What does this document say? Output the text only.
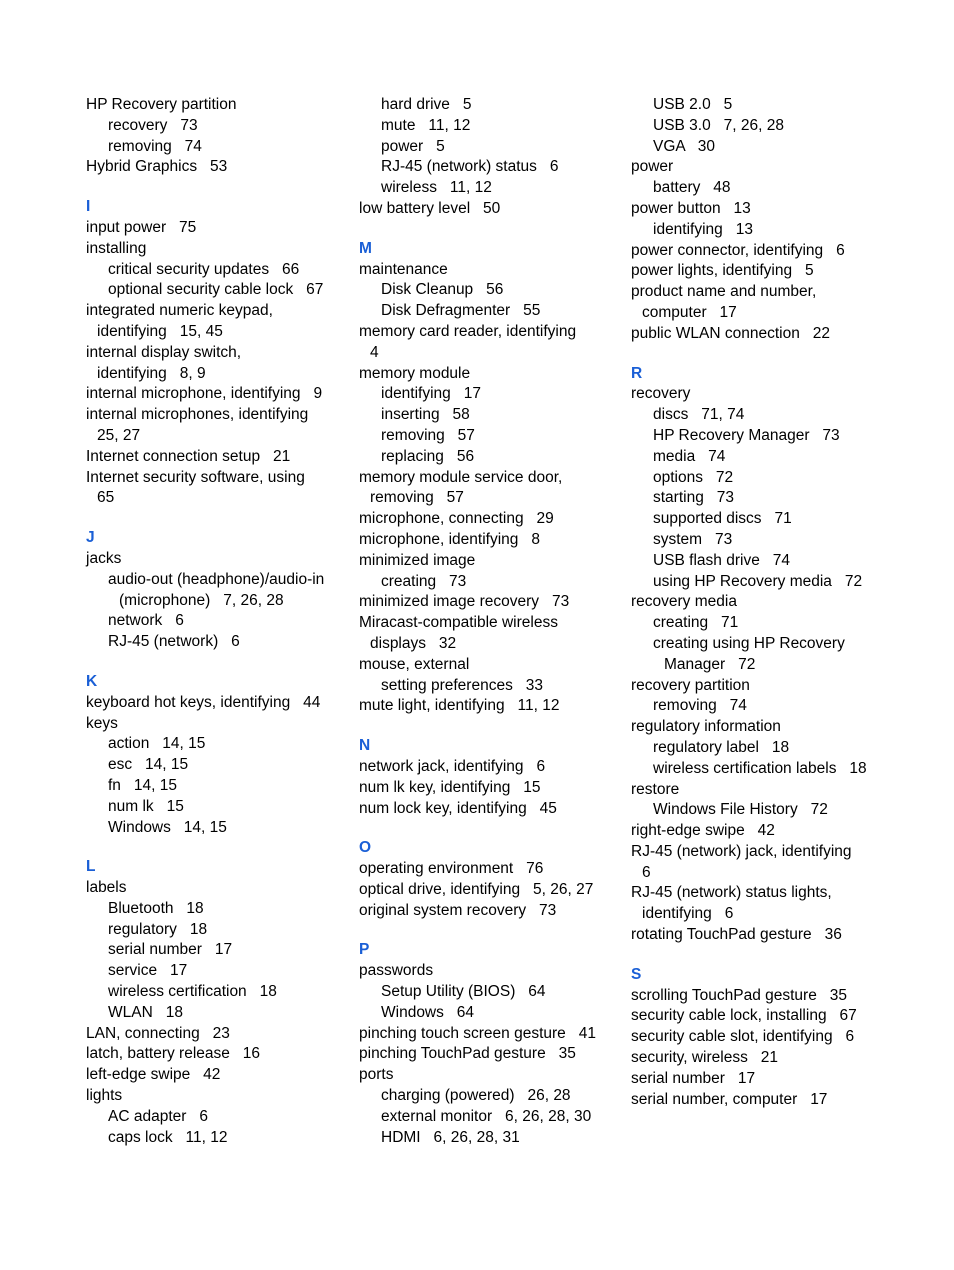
HP Recovery partition
recovery   73
removing   74
Hybrid Graphics   53
I
input power   75
installing
critical security updates   66
optional security cable lock   67
integrated numeric keypad,
identifying   15, 45
internal display switch,
identifying   8, 9
internal microphone, identifying   9
internal microphones, identifying
25, 27
Internet connection setup   21
Internet security software, using
65
J
jacks
audio-out (headphone)/audio-in
(microphone)   7, 26, 28
network   6
RJ-45 (network)   6
K
keyboard hot keys, identifying   44
keys
action   14, 15
esc   14, 15
fn   14, 15
num lk   15
Windows   14, 15
L
labels
Bluetooth   18
regulatory   18
serial number   17
service   17
wireless certification   18
WLAN   18
LAN, connecting   23
latch, battery release   16
left-edge swipe   42
lights
AC adapter   6
caps lock   11, 12
hard drive   5
mute   11, 12
power   5
RJ-45 (network) status   6
wireless   11, 12
low battery level   50
M
maintenance
Disk Cleanup   56
Disk Defragmenter   55
memory card reader, identifying
4
memory module
identifying   17
inserting   58
removing   57
replacing   56
memory module service door,
removing   57
microphone, connecting   29
microphone, identifying   8
minimized image
creating   73
minimized image recovery   73
Miracast-compatible wireless
displays   32
mouse, external
setting preferences   33
mute light, identifying   11, 12
N
network jack, identifying   6
num lk key, identifying   15
num lock key, identifying   45
O
operating environment   76
optical drive, identifying   5, 26, 27
original system recovery   73
P
passwords
Setup Utility (BIOS)   64
Windows   64
pinching touch screen gesture   41
pinching TouchPad gesture   35
ports
charging (powered)   26, 28
external monitor   6, 26, 28, 30
HDMI   6, 26, 28, 31
USB 2.0   5
USB 3.0   7, 26, 28
VGA   30
power
battery   48
power button   13
identifying   13
power connector, identifying   6
power lights, identifying   5
product name and number,
computer   17
public WLAN connection   22
R
recovery
discs   71, 74
HP Recovery Manager   73
media   74
options   72
starting   73
supported discs   71
system   73
USB flash drive   74
using HP Recovery media   72
recovery media
creating   71
creating using HP Recovery
Manager   72
recovery partition
removing   74
regulatory information
regulatory label   18
wireless certification labels   18
restore
Windows File History   72
right-edge swipe   42
RJ-45 (network) jack, identifying
6
RJ-45 (network) status lights,
identifying   6
rotating TouchPad gesture   36
S
scrolling TouchPad gesture   35
security cable lock, installing   67
security cable slot, identifying   6
security, wireless   21
serial number   17
serial number, computer   17
